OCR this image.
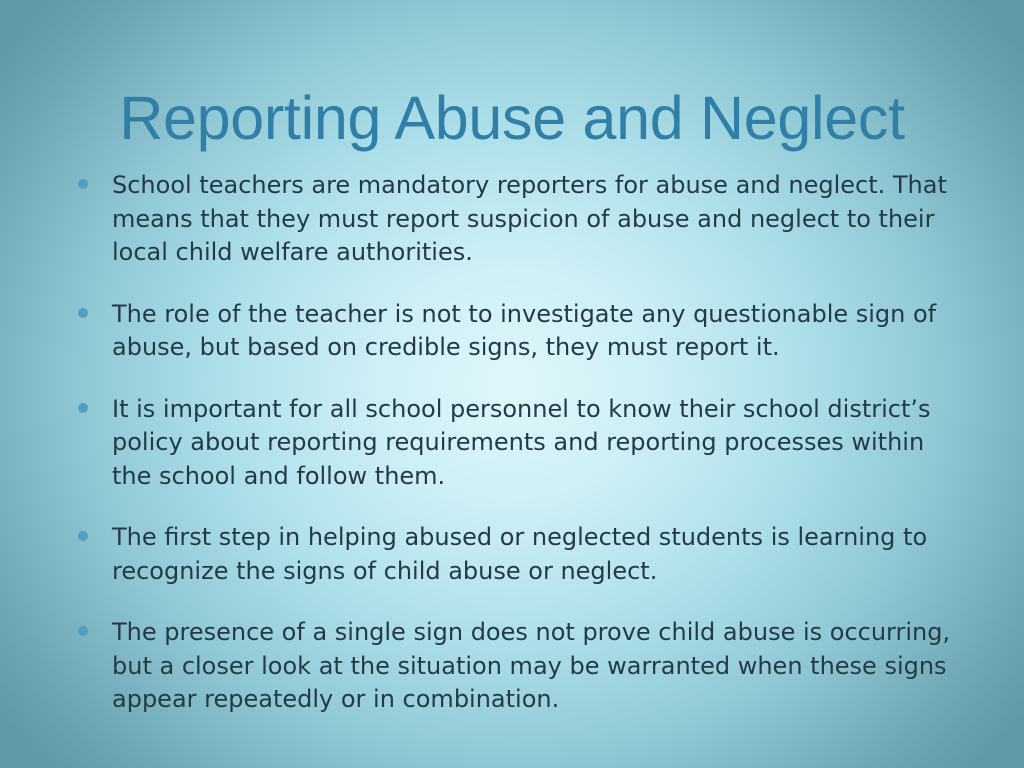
Reporting Abuse and Neglect
School teachers are mandatory reporters for abuse and neglect. That means that they must report suspicion of abuse and neglect to their local child welfare authorities.
The role of the teacher is not to investigate any questionable sign of abuse, but based on credible signs, they must report it.
It is important for all school personnel to know their school district’s policy about reporting requirements and reporting processes within the school and follow them.
The first step in helping abused or neglected students is learning to recognize the signs of child abuse or neglect.
The presence of a single sign does not prove child abuse is occurring, but a closer look at the situation may be warranted when these signs appear repeatedly or in combination.
